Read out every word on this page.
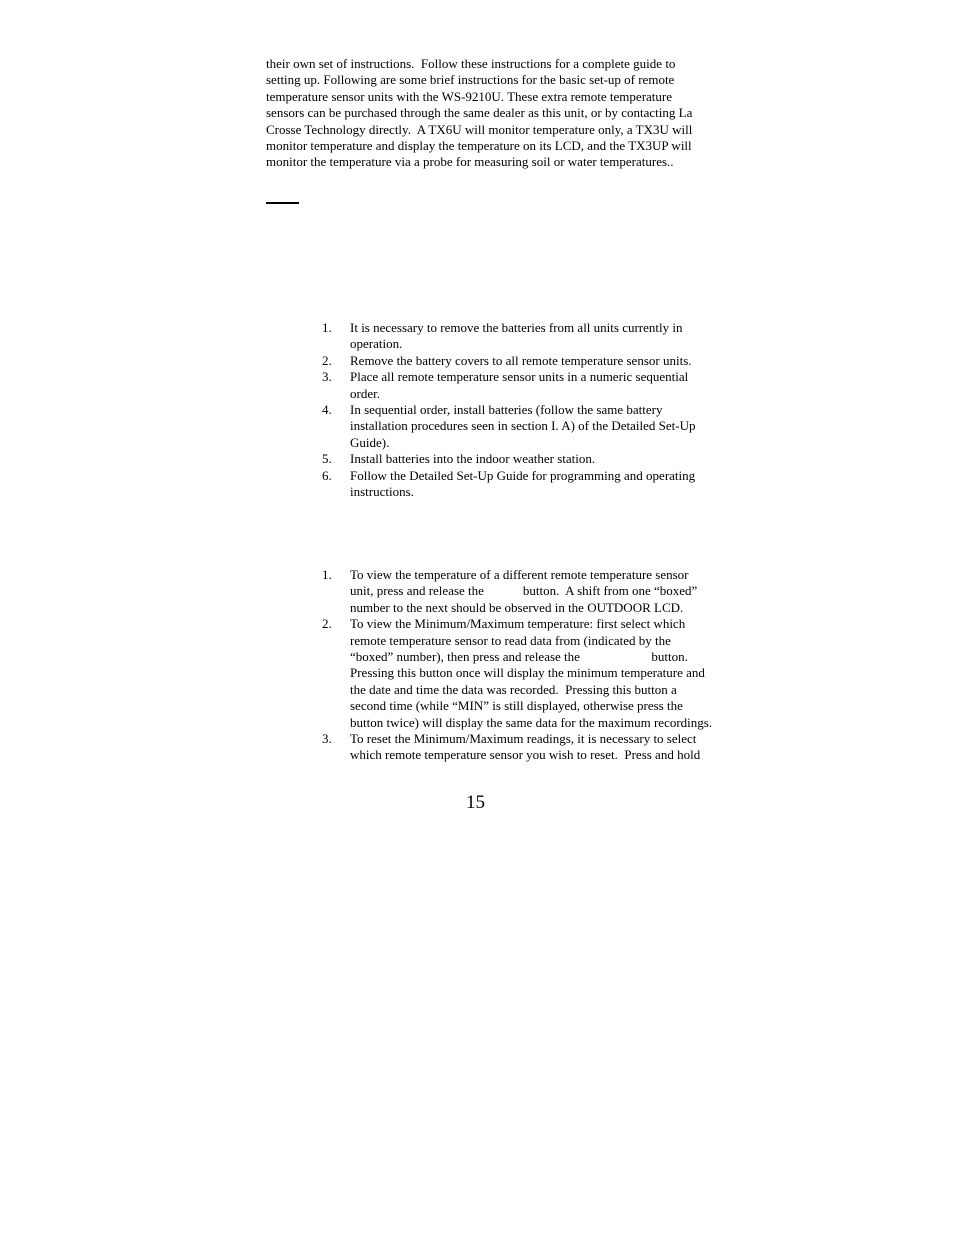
their own set of instructions.  Follow these instructions for a complete guide to
setting up. Following are some brief instructions for the basic set-up of remote
temperature sensor units with the WS-9210U. These extra remote temperature
sensors can be purchased through the same dealer as this unit, or by contacting La
Crosse Technology directly.  A TX6U will monitor temperature only, a TX3U will
monitor temperature and display the temperature on its LCD, and the TX3UP will
monitor the temperature via a probe for measuring soil or water temperatures..

1. It is necessary to remove the batteries from all units currently in
operation.
2. Remove the battery covers to all remote temperature sensor units.
3. Place all remote temperature sensor units in a numeric sequential
order.
4. In sequential order, install batteries (follow the same battery
installation procedures seen in section I. A) of the Detailed Set-Up
Guide).
5. Install batteries into the indoor weather station.
6. Follow the Detailed Set-Up Guide for programming and operating
instructions.
1. To view the temperature of a different remote temperature sensor
unit, press and release the            button.  A shift from one “boxed”
number to the next should be observed in the OUTDOOR LCD.
2. To view the Minimum/Maximum temperature: first select which
remote temperature sensor to read data from (indicated by the
“boxed” number), then press and release the                      button.
Pressing this button once will display the minimum temperature and
the date and time the data was recorded.  Pressing this button a
second time (while “MIN” is still displayed, otherwise press the
button twice) will display the same data for the maximum recordings.
3. To reset the Minimum/Maximum readings, it is necessary to select
which remote temperature sensor you wish to reset.  Press and hold
15
